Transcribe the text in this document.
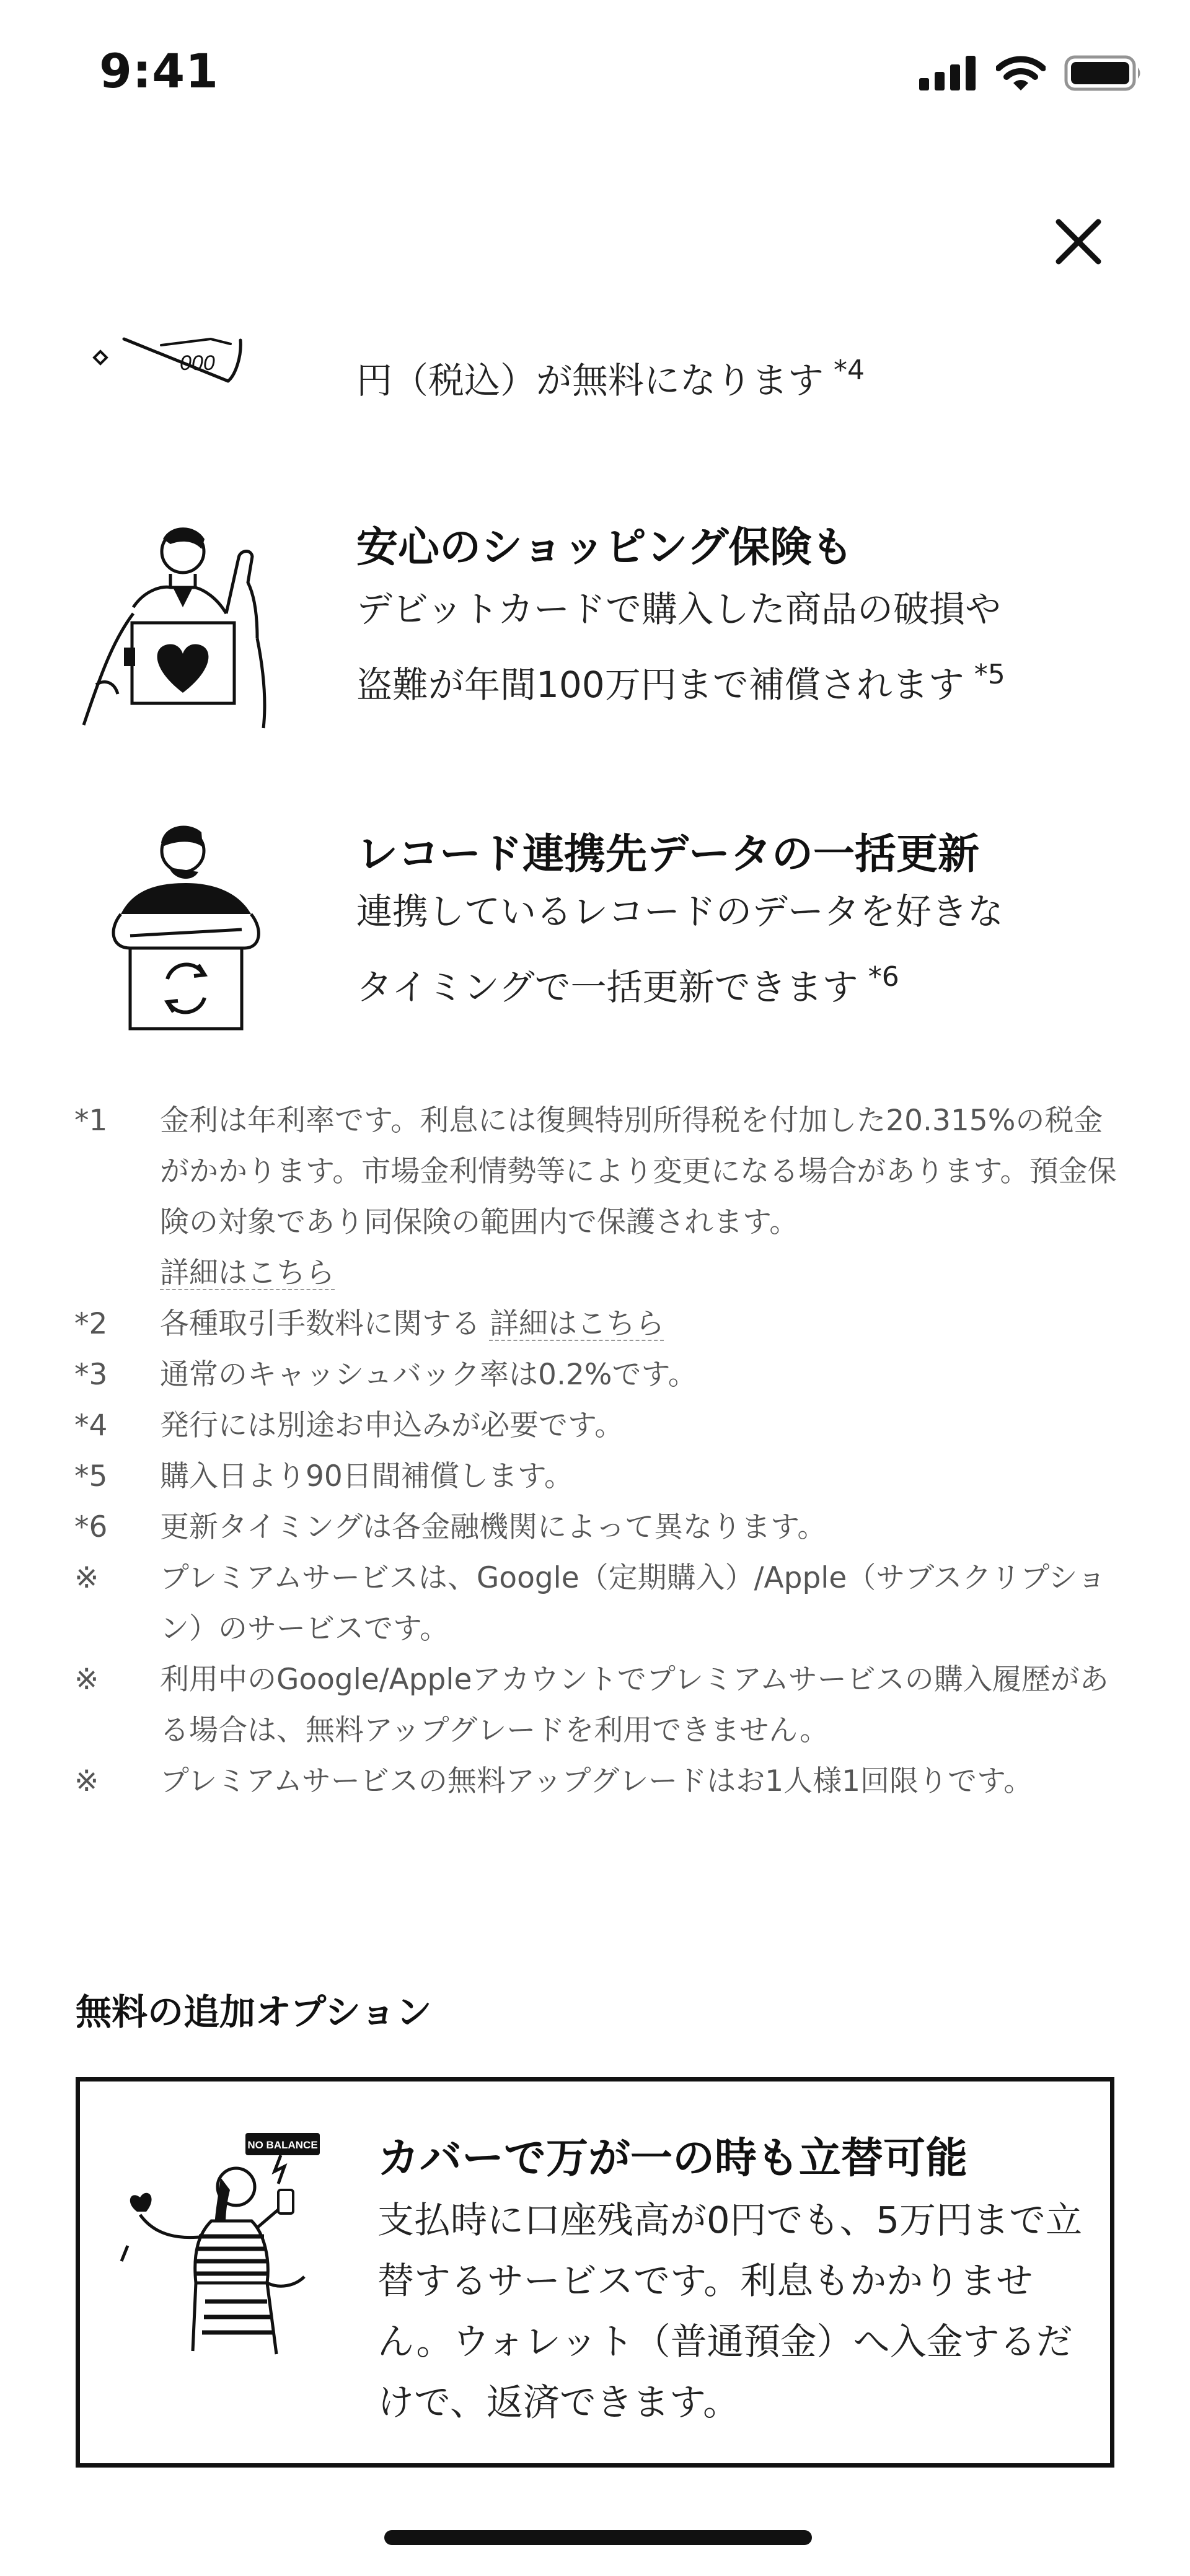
9:41
000	円（税込）が無料になります $^{*4}$
安心のショッピング保険も
デビットカードで購入した商品の破損や
盗難が年間100万円まで補償されます $^{*5}$
レコード連携先データの一括更新
連携しているレコードのデータを好きな
タイミングで一括更新できます $^{*6}$
*1	金利は年利率です。利息には復興特別所得税を付加した20.315%の税金がかかります。市場金利情勢等により変更になる場合があります。預金保険の対象であり同保険の範囲内で保護されます。
詳細はこちら
*2	各種取引手数料に関する 詳細はこちら
*3	通常のキャッシュバック率は0.2%です。
*4	発行には別途お申込みが必要です。
*5	購入日より90日間補償します。
*6	更新タイミングは各金融機関によって異なります。
※	プレミアムサービスは、Google（定期購入）/Apple（サブスクリプション）のサービスです。
※	利用中のGoogle/Appleアカウントでプレミアムサービスの購入履歴がある場合は、無料アップグレードを利用できません。
※	プレミアムサービスの無料アップグレードはお1人様1回限りです。
無料の追加オプション
NO BALANCE カバーで万が一の時も立替可能
支払時に口座残高が0円でも、5万円まで立替するサービスです。利息もかかりません。ウォレット（普通預金）へ入金するだけで、返済できます。
